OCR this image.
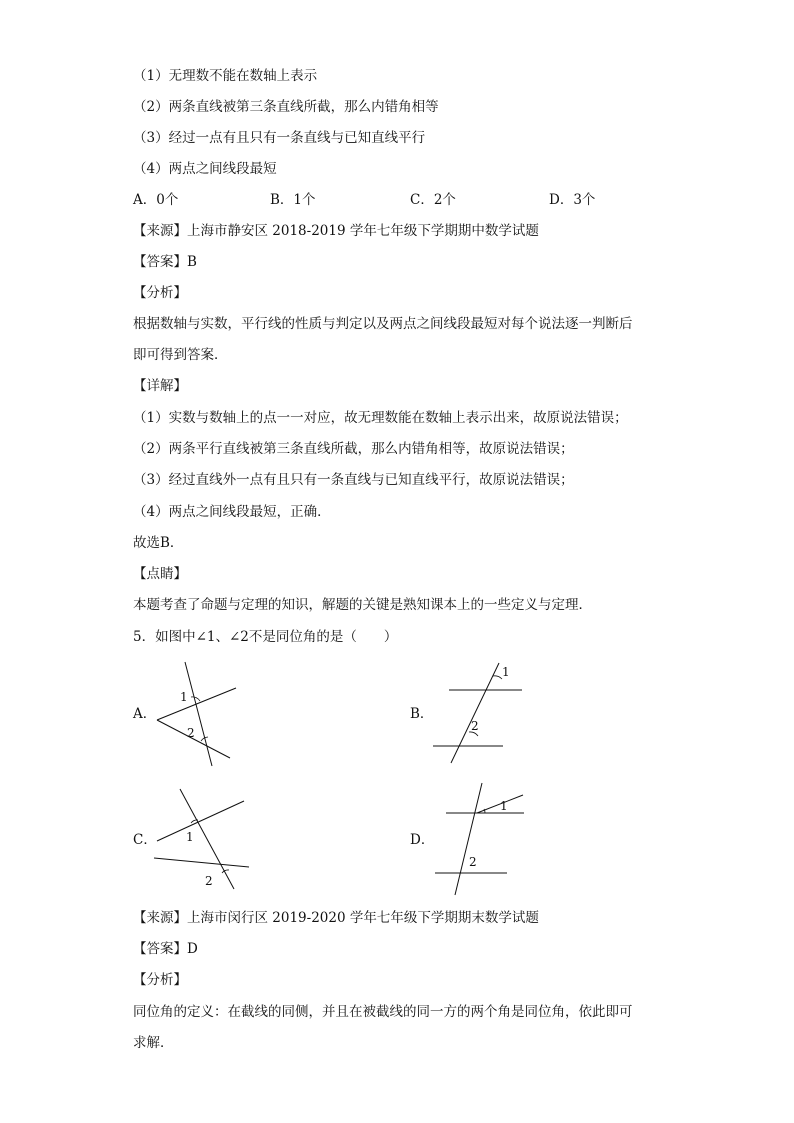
（1）无理数不能在数轴上表示
（2）两条直线被第三条直线所截，那么内错角相等
（3）经过一点有且只有一条直线与已知直线平行
（4）两点之间线段最短
A．0个	B．1个	C．2个	D．3个
【来源】上海市静安区 2018-2019 学年七年级下学期期中数学试题
【答案】B
【分析】
根据数轴与实数，平行线的性质与判定以及两点之间线段最短对每个说法逐一判断后
即可得到答案．
【详解】
（1）实数与数轴上的点一一对应，故无理数能在数轴上表示出来，故原说法错误；
（2）两条平行直线被第三条直线所截，那么内错角相等，故原说法错误；
（3）经过直线外一点有且只有一条直线与已知直线平行，故原说法错误；
（4）两点之间线段最短，正确．
故选B．
【点睛】
本题考查了命题与定理的知识，解题的关键是熟知课本上的一些定义与定理．
5．如图中∠1、∠2不是同位角的是（　　）
A．
1
2
B．
1
2
C． 1
2
D．
1
2
【来源】上海市闵行区 2019-2020 学年七年级下学期期末数学试题
【答案】D
【分析】
同位角的定义：在截线的同侧，并且在被截线的同一方的两个角是同位角，依此即可
求解．
